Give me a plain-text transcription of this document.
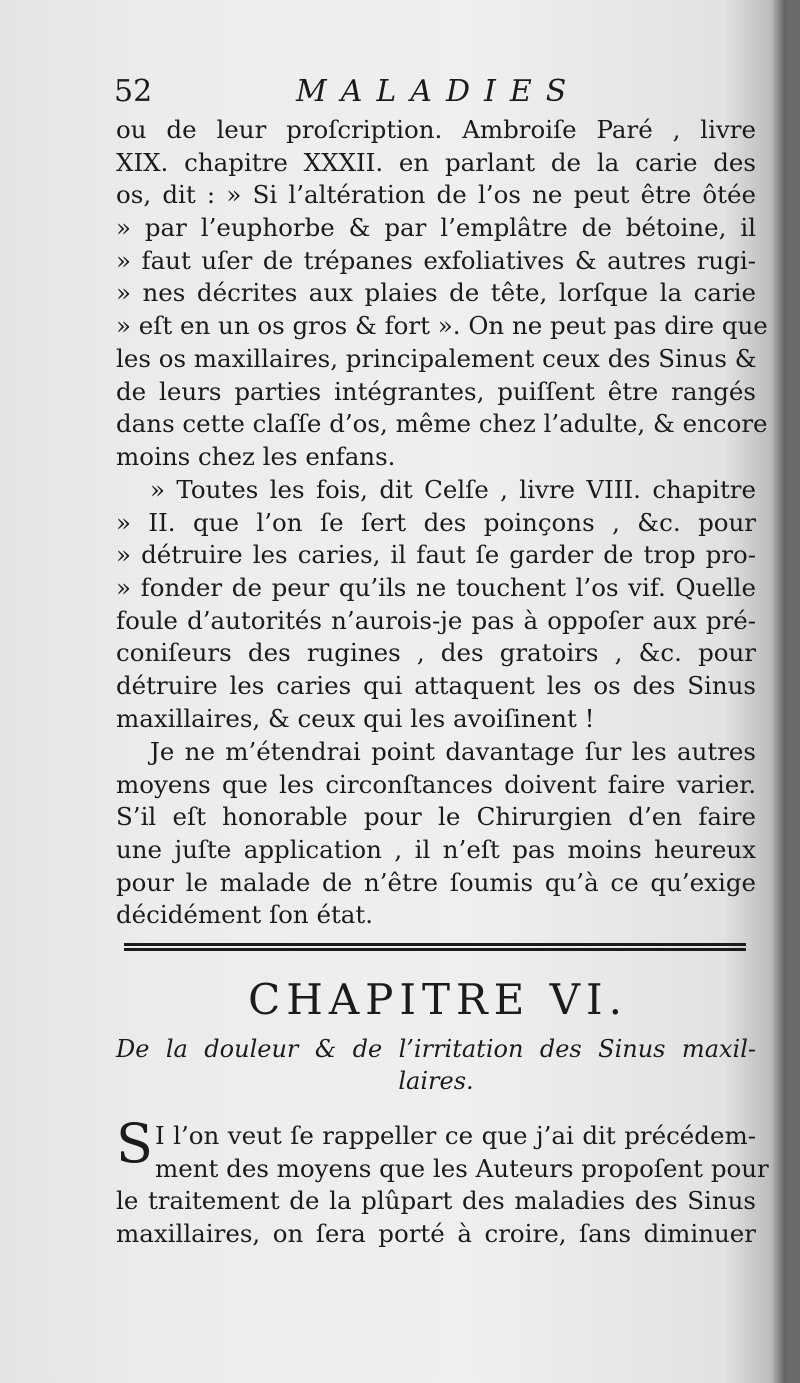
52	MALADIES
ou de leur proſcription. Ambroiſe Paré , livre
XIX. chapitre XXXII. en parlant de la carie des
os, dit : » Si l’altération de l’os ne peut être ôtée
» par l’euphorbe & par l’emplâtre de bétoine, il
» faut uſer de trépanes exfoliatives & autres rugi-
» nes décrites aux plaies de tête, lorſque la carie
» eſt en un os gros & fort ». On ne peut pas dire que
les os maxillaires, principalement ceux des Sinus &
de leurs parties intégrantes, puiſſent être rangés
dans cette claſſe d’os, même chez l’adulte, & encore
moins chez les enfans.
» Toutes les fois, dit Celſe , livre VIII. chapitre
» II. que l’on ſe ſert des poinçons , &c. pour
» détruire les caries, il faut ſe garder de trop pro-
» fonder de peur qu’ils ne touchent l’os vif. Quelle
foule d’autorités n’aurois-je pas à oppoſer aux pré-
coniſeurs des rugines , des gratoirs , &c. pour
détruire les caries qui attaquent les os des Sinus
maxillaires, & ceux qui les avoiſinent !
Je ne m’étendrai point davantage ſur les autres
moyens que les circonſtances doivent faire varier.
S’il eſt honorable pour le Chirurgien d’en faire
une juſte application , il n’eſt pas moins heureux
pour le malade de n’être ſoumis qu’à ce qu’exige
décidément ſon état.
CHAPITRE VI.
De la douleur & de l’irritation des Sinus maxil-
laires.
S I l’on veut ſe rappeller ce que j’ai dit précédem-
ment des moyens que les Auteurs propoſent pour
le traitement de la plûpart des maladies des Sinus
maxillaires, on ſera porté à croire, ſans diminuer
